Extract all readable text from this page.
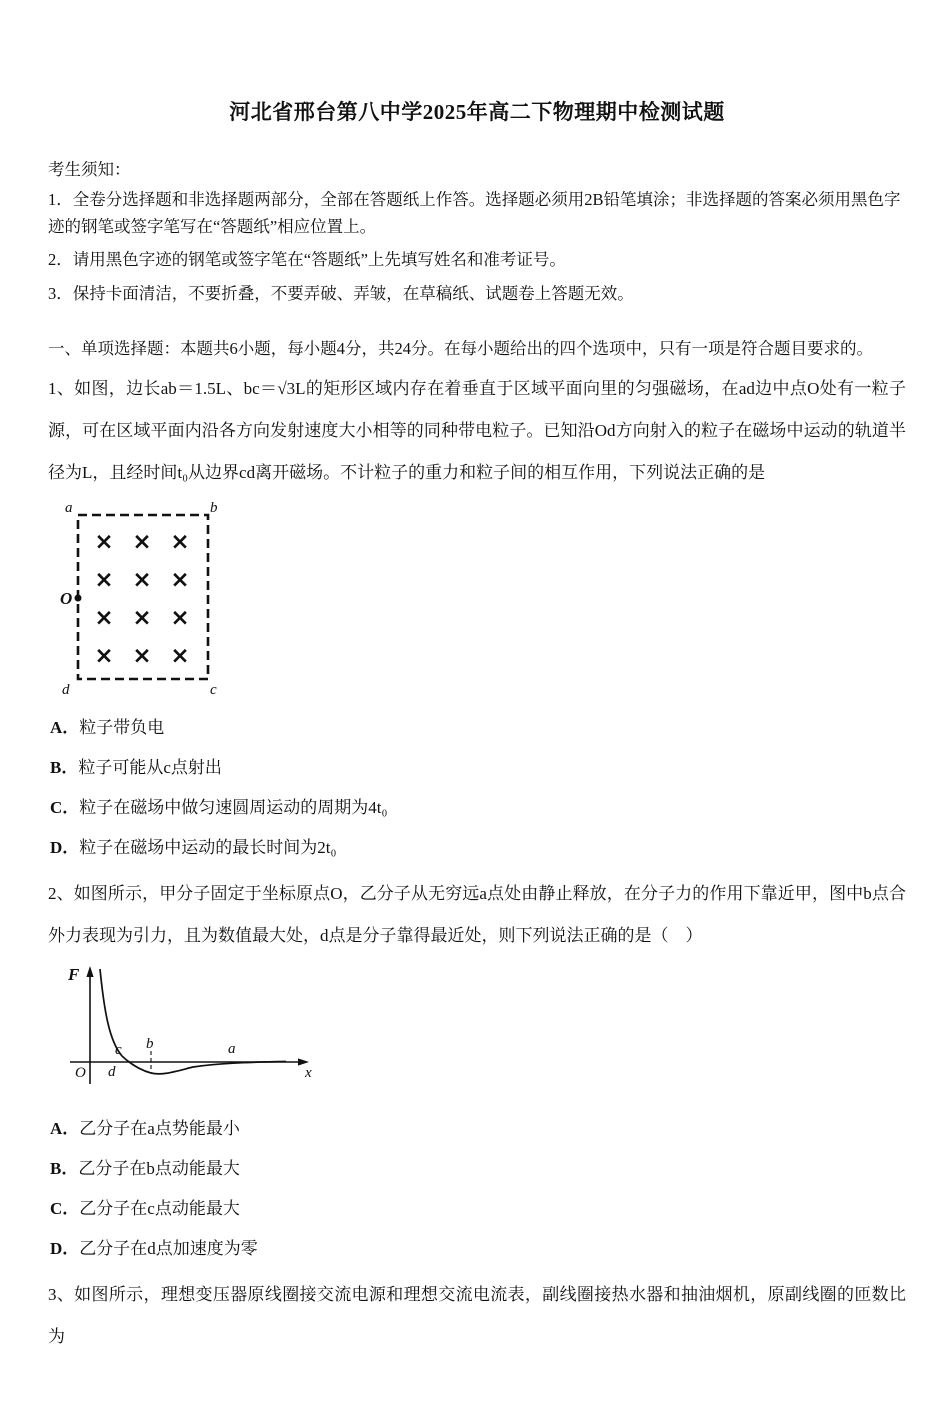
河北省邢台第八中学2025年高二下物理期中检测试题

考生须知：

1．全卷分选择题和非选择题两部分，全部在答题纸上作答。选择题必须用2B铅笔填涂；非选择题的答案必须用黑色字迹的钢笔或签字笔写在“答题纸”相应位置上。

2．请用黑色字迹的钢笔或签字笔在“答题纸”上先填写姓名和准考证号。

3．保持卡面清洁，不要折叠，不要弄破、弄皱，在草稿纸、试题卷上答题无效。

一、单项选择题：本题共6小题，每小题4分，共24分。在每小题给出的四个选项中，只有一项是符合题目要求的。

1、如图，边长ab＝1.5L、bc＝√3L的矩形区域内存在着垂直于区域平面向里的匀强磁场，在ad边中点O处有一粒子源，可在区域平面内沿各方向发射速度大小相等的同种带电粒子。已知沿Od方向射入的粒子在磁场中运动的轨道半径为L，且经时间t₀从边界cd离开磁场。不计粒子的重力和粒子间的相互作用，下列说法正确的是

× × ×
× × ×
× × ×
× × ×
a	b
d	c
O

A．粒子带负电

B．粒子可能从c点射出

C．粒子在磁场中做匀速圆周运动的周期为4t₀

D．粒子在磁场中运动的最长时间为2t₀

2、如图所示，甲分子固定于坐标原点O，乙分子从无穷远a点处由静止释放，在分子力的作用下靠近甲，图中b点合外力表现为引力，且为数值最大处，d点是分子靠得最近处，则下列说法正确的是（　）

F
O	x
d
c b	a

A．乙分子在a点势能最小

B．乙分子在b点动能最大

C．乙分子在c点动能最大

D．乙分子在d点加速度为零

3、如图所示，理想变压器原线圈接交流电源和理想交流电流表，副线圈接热水器和抽油烟机，原副线圈的匝数比为
